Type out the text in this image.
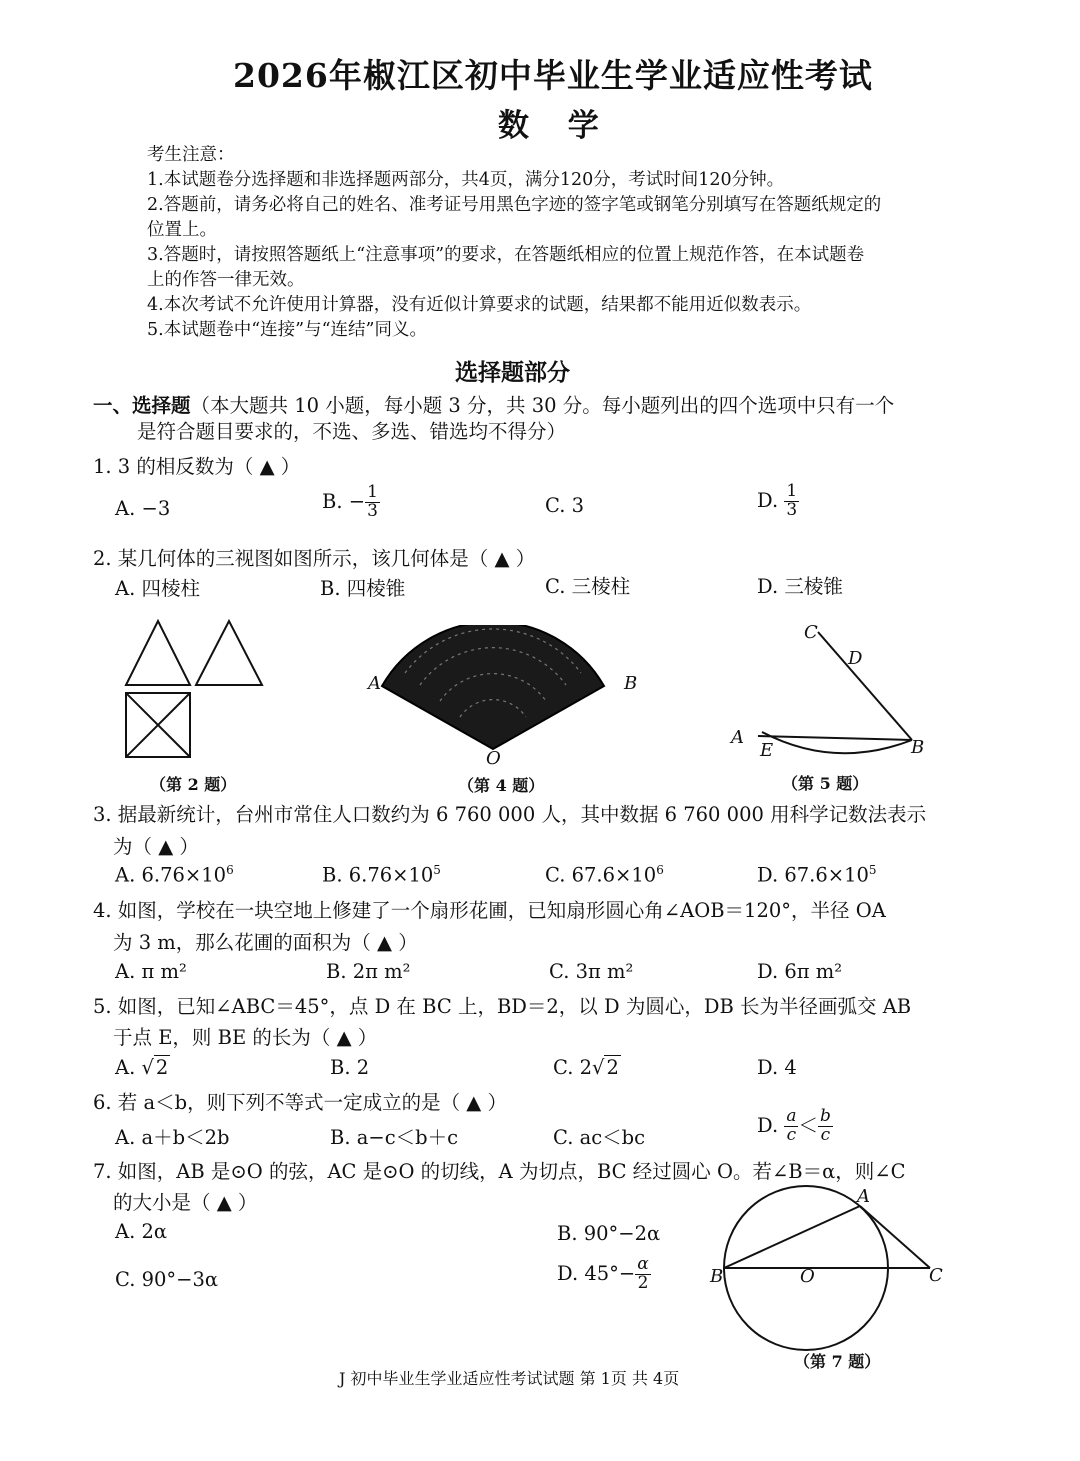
2026年椒江区初中毕业生学业适应性考试
数 学
考生注意：
1.本试题卷分选择题和非选择题两部分，共4页，满分120分，考试时间120分钟。
2.答题前，请务必将自己的姓名、准考证号用黑色字迹的签字笔或钢笔分别填写在答题纸规定的
位置上。
3.答题时，请按照答题纸上“注意事项”的要求，在答题纸相应的位置上规范作答，在本试题卷
上的作答一律无效。
4.本次考试不允许使用计算器，没有近似计算要求的试题，结果都不能用近似数表示。
5.本试题卷中“连接”与“连结”同义。
选择题部分
一、选择题（本大题共 10 小题，每小题 3 分，共 30 分。每小题列出的四个选项中只有一个
是符合题目要求的，不选、多选、错选均不得分）
1. 3 的相反数为（ ▲ ）
A. −3	B. − $\frac{1}{3}$	C. 3	D. $\frac{1}{3}$
2. 某几何体的三视图如图所示，该几何体是（ ▲ ）
A. 四棱柱	B. 四棱锥	C. 三棱柱	D. 三棱锥
（第 2 题）
A	B
O
（第 4 题）
C
D
A
E	B
（第 5 题）
3. 据最新统计，台州市常住人口数约为 6 760 000 人，其中数据 6 760 000 用科学记数法表示
为（ ▲ ）
A. $6.76\times 10^6$	B. $6.76\times 10^5$	C. $67.6\times 10^6$	D. $67.6\times 10^5$
4. 如图，学校在一块空地上修建了一个扇形花圃，已知扇形圆心角∠AOB＝120°，半径 OA
为 3 m，那么花圃的面积为（ ▲ ）
A. π m²	B. 2π m²	C. 3π m²	D. 6π m²
5. 如图，已知∠ABC＝45°，点 D 在 BC 上，BD＝2，以 D 为圆心，DB 长为半径画弧交 AB
于点 E，则 BE 的长为（ ▲ ）
A. √ 2	B. 2	C. 2√ 2	D. 4
6. 若 a＜b，则下列不等式一定成立的是（ ▲ ）
A. a＋b＜2b	B. a−c＜b＋c	C. ac＜bc
D. $\frac{a}{c} < \frac{b}{c}$
7. 如图，AB 是⊙O 的弦，AC 是⊙O 的切线，A 为切点，BC 经过圆心 O。若∠B＝α，则∠C
的大小是（ ▲ ）
A. 2α	B. 90°−2α
C. 90°−3α	D. $45^\circ- \frac{\alpha}{2}$
A
B	O	C
（第 7 题）
J 初中毕业生学业适应性考试试题 第 1页 共 4页
